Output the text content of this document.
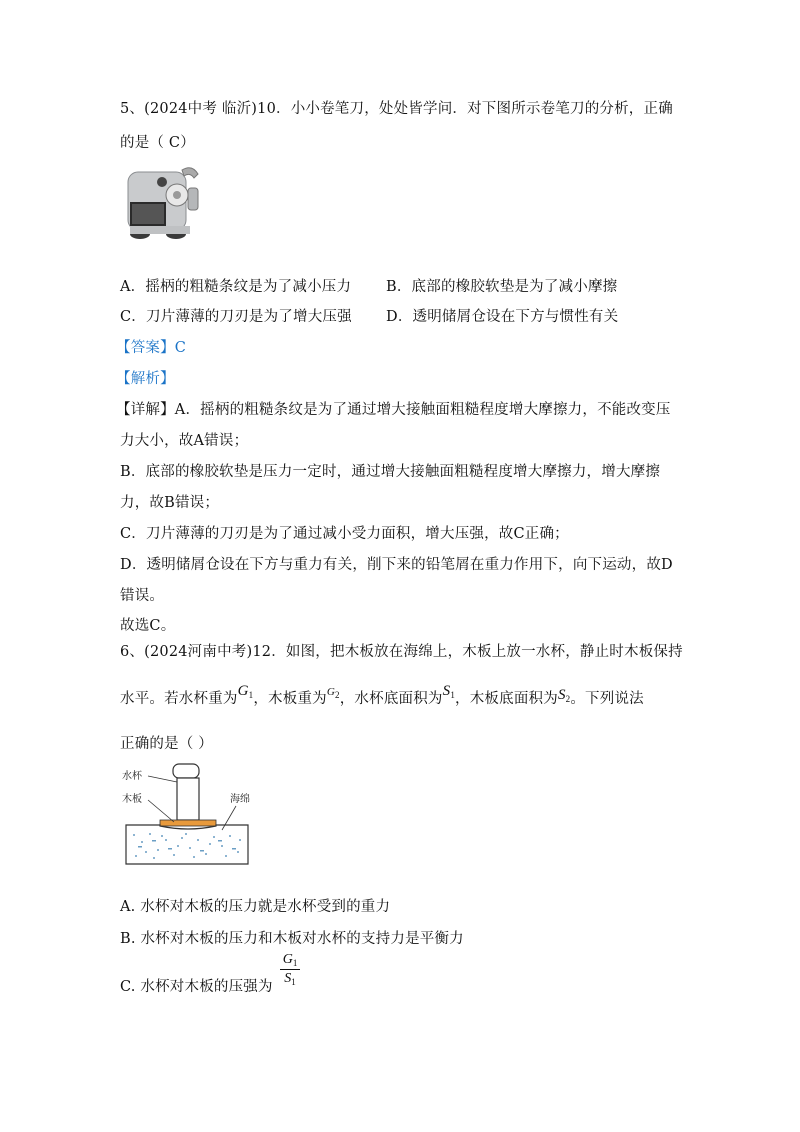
5、(2024中考 临沂)10．小小卷笔刀，处处皆学问．对下图所示卷笔刀的分析，正确
的是（ C）
A．摇柄的粗糙条纹是为了减小压力 B．底部的橡胶软垫是为了减小摩擦
C．刀片薄薄的刀刃是为了增大压强 D．透明储屑仓设在下方与惯性有关
【答案】C
【解析】
【详解】A．摇柄的粗糙条纹是为了通过增大接触面粗糙程度增大摩擦力，不能改变压
力大小，故A错误；
B．底部的橡胶软垫是压力一定时，通过增大接触面粗糙程度增大摩擦力，增大摩擦
力，故B错误；
C．刀片薄薄的刀刃是为了通过减小受力面积，增大压强，故C正确；
D．透明储屑仓设在下方与重力有关，削下来的铅笔屑在重力作用下，向下运动，故D
错误。
故选C。
6、(2024河南中考)12．如图，把木板放在海绵上，木板上放一水杯，静止时木板保持
水平。若水杯重为$G_1$，木板重为$^{G_2}$，水杯底面积为$S_1$，木板底面积为$S_2$。下列说法
正确的是（ ）
水杯
木板	海绵
A. 水杯对木板的压力就是水杯受到的重力
B. 水杯对木板的压力和木板对水杯的支持力是平衡力
C. 水杯对木板的压强为
$G_1$
$S_1$
